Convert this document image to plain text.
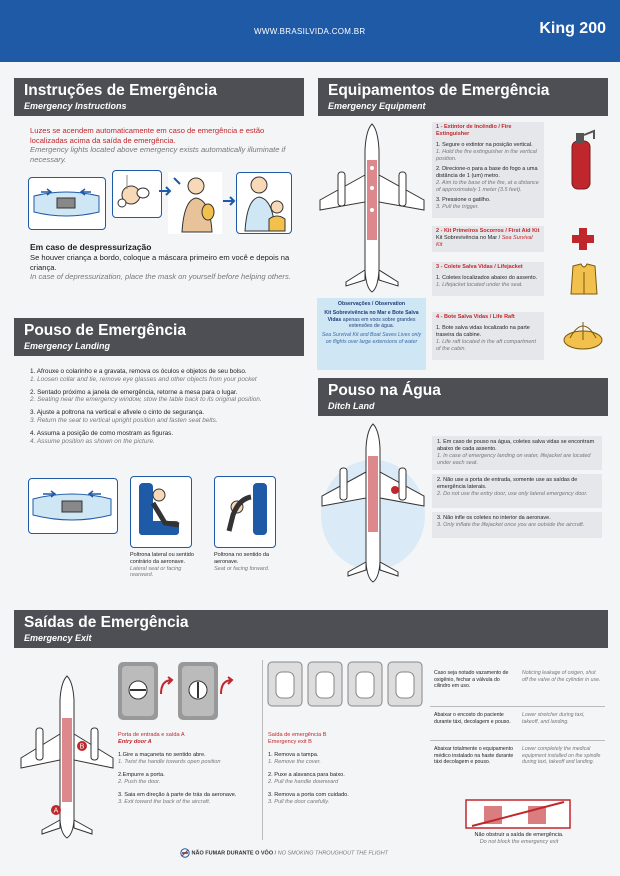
WWW.BRASILVIDA.COM.BR	King 200
Instruções de Emergência
Emergency Instructions
Luzes se acendem automaticamente em caso de emergência e estão localizadas acima da saída de emergência.
Emergency lights located above emergency exists automatically illuminate if necessary.
Em caso de despressurização
Se houver criança a bordo, coloque a máscara primeiro em você e depois na criança.
In case of depressurization, place the mask on yourself before helping others.
Equipamentos de Emergência
Emergency Equipment
1 - Extintor de Incêndio / Fire Extinguisher
1. Segure o extintor na posição vertical.
1. Hold the fire extinguisher in the vertical position.
2. Direcione-o para a base do fogo a uma distância de 1 (um) metro.
2. Aim to the base of the fire, at a distance of approximately 1 meter (3.5 feet).
3. Pressione o gatilho.
3. Pull the trigger.
2 - Kit Primeiros Socorros / First Aid Kit
Kit Sobrevivência no Mar / Sea Survival Kit
3 - Colete Salva Vidas / Lifejacket
1. Coletes localizados abaixo do assento.
1. Lifejacket located under the seat.
4 - Bote Salva Vidas / Life Raft
1. Bote salva vidas localizado na parte traseira da cabine.
1. Life raft located in the aft compartment of the cabin.
Observações / Observation
Kit Sobrevivência no Mar e Bote Salva Vidas apenas em voos sobre grandes extensões de água.
Sea Survival Kit and Boat Saves Lives only on flights over large extensions of water
Pouso de Emergência
Emergency Landing
1. Afrouxe o colarinho e a gravata, remova os óculos e objetos de seu bolso.
1. Loosen collar and tie, remove eye glasses and other objects from your pocket
2. Sentado próximo a janela de emergência, retorne a mesa para o lugar.
2. Seating near the emergency window, stow the table back to its original position.
3. Ajuste a poltrona na vertical e afivele o cinto de segurança.
3. Return the seat to vertical upright position and fasten seat belts.
4. Assuma a posição de como mostram as figuras.
4. Assume position as shown on the picture.
Poltrona lateral ou sentido contrário da aeronave.
Lateral seat or facing rearward.
Poltrona no sentido da aeronave.
Seat or facing forward.
Pouso na Água
Ditch Land
1. Em caso de pouso na água, coletes salva vidas se encontram abaixo de cada assento.
1. In case of emergency landing on water, lifejacket are located under each seat.
2. Não use a porta de entrada, somente use as saídas de emergência laterais.
2. Do not use the entry door, use only lateral emergency door.
3. Não infle os coletes no interior da aeronave.
3. Only inflate the lifejacket once you are outside the aircraft.
Saídas de Emergência
Emergency Exit
B
A
Porta de entrada e saída A
Entry door A
1.Gire a maçaneta no sentido abre.
1. Twist the handle towards open position
2.Empurre a porta.
2. Push the door.
3. Saia em direção à parte de trás da aeronave.
3. Exit toward the back of the aircraft.
Saída de emergência B
Emergency exit B
1. Remova a tampa.
1. Remove the cover.
2. Puxe a alavanca para baixo.
2. Pull the handle downward
3. Remova a porta com cuidado.
3. Pull the door carefully.
Caso seja notado vazamento de oxigênio, fechar a válvula do cilindro em uso.
Noticing leakage of oxigen, shut off the valve of the cylinder in use.
Abaixar o encosto do paciente durante táxi, decolagem e pouso.
Lower stretcher during taxi, takeoff, and landing.
Abaixar totalmente o equipamento médico instalado na haste durante táxi decolagem e pouso.
Lower completely the medical equipment installed on the spindle during taxi, takeoff and landing.
Não obstruir a saída de emergência.
Do not block the emergency exit
NÃO FUMAR DURANTE O VÔO / NO SMOKING THROUGHOUT THE FLIGHT
